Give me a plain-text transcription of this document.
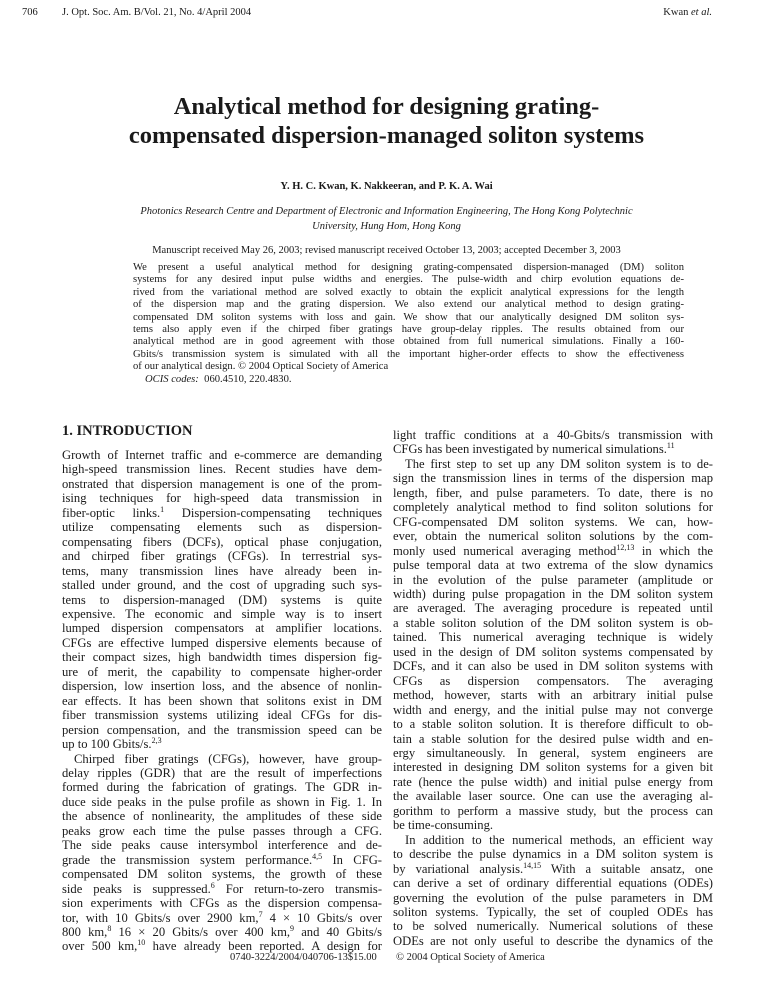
706 J. Opt. Soc. Am. B/Vol. 21, No. 4/April 2004	Kwan et al.
Analytical method for designing grating-
compensated dispersion-managed soliton systems
Y. H. C. Kwan, K. Nakkeeran, and P. K. A. Wai
Photonics Research Centre and Department of Electronic and Information Engineering, The Hong Kong Polytechnic
University, Hung Hom, Hong Kong
Manuscript received May 26, 2003; revised manuscript received October 13, 2003; accepted December 3, 2003
We present a useful analytical method for designing grating-compensated dispersion-managed (DM) soliton
systems for any desired input pulse widths and energies. The pulse-width and chirp evolution equations de-
rived from the variational method are solved exactly to obtain the explicit analytical expressions for the length
of the dispersion map and the grating dispersion. We also extend our analytical method to design grating-
compensated DM soliton systems with loss and gain. We show that our analytically designed DM soliton sys-
tems also apply even if the chirped fiber gratings have group-delay ripples. The results obtained from our
analytical method are in good agreement with those obtained from full numerical simulations. Finally a 160-
Gbits/s transmission system is simulated with all the important higher-order effects to show the effectiveness
of our analytical design. © 2004 Optical Society of America
OCIS codes: 060.4510, 220.4830.
1. INTRODUCTION
Growth of Internet traffic and e-commerce are demanding
high-speed transmission lines. Recent studies have dem-
onstrated that dispersion management is one of the prom-
ising techniques for high-speed data transmission in
fiber-optic links.$^1$ Dispersion-compensating techniques
utilize compensating elements such as dispersion-
compensating fibers (DCFs), optical phase conjugation,
and chirped fiber gratings (CFGs). In terrestrial sys-
tems, many transmission lines have already been in-
stalled under ground, and the cost of upgrading such sys-
tems to dispersion-managed (DM) systems is quite
expensive. The economic and simple way is to insert
lumped dispersion compensators at amplifier locations.
CFGs are effective lumped dispersive elements because of
their compact sizes, high bandwidth times dispersion fig-
ure of merit, the capability to compensate higher-order
dispersion, low insertion loss, and the absence of nonlin-
ear effects. It has been shown that solitons exist in DM
fiber transmission systems utilizing ideal CFGs for dis-
persion compensation, and the transmission speed can be
up to 100 Gbits/s.$^{2,3}$
Chirped fiber gratings (CFGs), however, have group-
delay ripples (GDR) that are the result of imperfections
formed during the fabrication of gratings. The GDR in-
duce side peaks in the pulse profile as shown in Fig. 1. In
the absence of nonlinearity, the amplitudes of these side
peaks grow each time the pulse passes through a CFG.
The side peaks cause intersymbol interference and de-
grade the transmission system performance.$^{4,5}$ In CFG-
compensated DM soliton systems, the growth of these
side peaks is suppressed.$^6$ For return-to-zero transmis-
sion experiments with CFGs as the dispersion compensa-
tor, with 10 Gbits/s over 2900 km,$^7$ 4 × 10 Gbits/s over
800 km,$^8$ 16 × 20 Gbits/s over 400 km,$^9$ and 40 Gbits/s
over 500 km,$^{10}$ have already been reported. A design for
light traffic conditions at a 40-Gbits/s transmission with
CFGs has been investigated by numerical simulations.$^{11}$
The first step to set up any DM soliton system is to de-
sign the transmission lines in terms of the dispersion map
length, fiber, and pulse parameters. To date, there is no
completely analytical method to find soliton solutions for
CFG-compensated DM soliton systems. We can, how-
ever, obtain the numerical soliton solutions by the com-
monly used numerical averaging method$^{12,13}$ in which the
pulse temporal data at two extrema of the slow dynamics
in the evolution of the pulse parameter (amplitude or
width) during pulse propagation in the DM soliton system
are averaged. The averaging procedure is repeated until
a stable soliton solution of the DM soliton system is ob-
tained. This numerical averaging technique is widely
used in the design of DM soliton systems compensated by
DCFs, and it can also be used in DM soliton systems with
CFGs as dispersion compensators. The averaging
method, however, starts with an arbitrary initial pulse
width and energy, and the initial pulse may not converge
to a stable soliton solution. It is therefore difficult to ob-
tain a stable solution for the desired pulse width and en-
ergy simultaneously. In general, system engineers are
interested in designing DM soliton systems for a given bit
rate (hence the pulse width) and initial pulse energy from
the available laser source. One can use the averaging al-
gorithm to perform a massive study, but the process can
be time-consuming.
In addition to the numerical methods, an efficient way
to describe the pulse dynamics in a DM soliton system is
by variational analysis.$^{14,15}$ With a suitable ansatz, one
can derive a set of ordinary differential equations (ODEs)
governing the evolution of the pulse parameters in DM
soliton systems. Typically, the set of coupled ODEs has
to be solved numerically. Numerical solutions of these
ODEs are not only useful to describe the dynamics of the
0740-3224/2004/040706-13$15.00 © 2004 Optical Society of America
